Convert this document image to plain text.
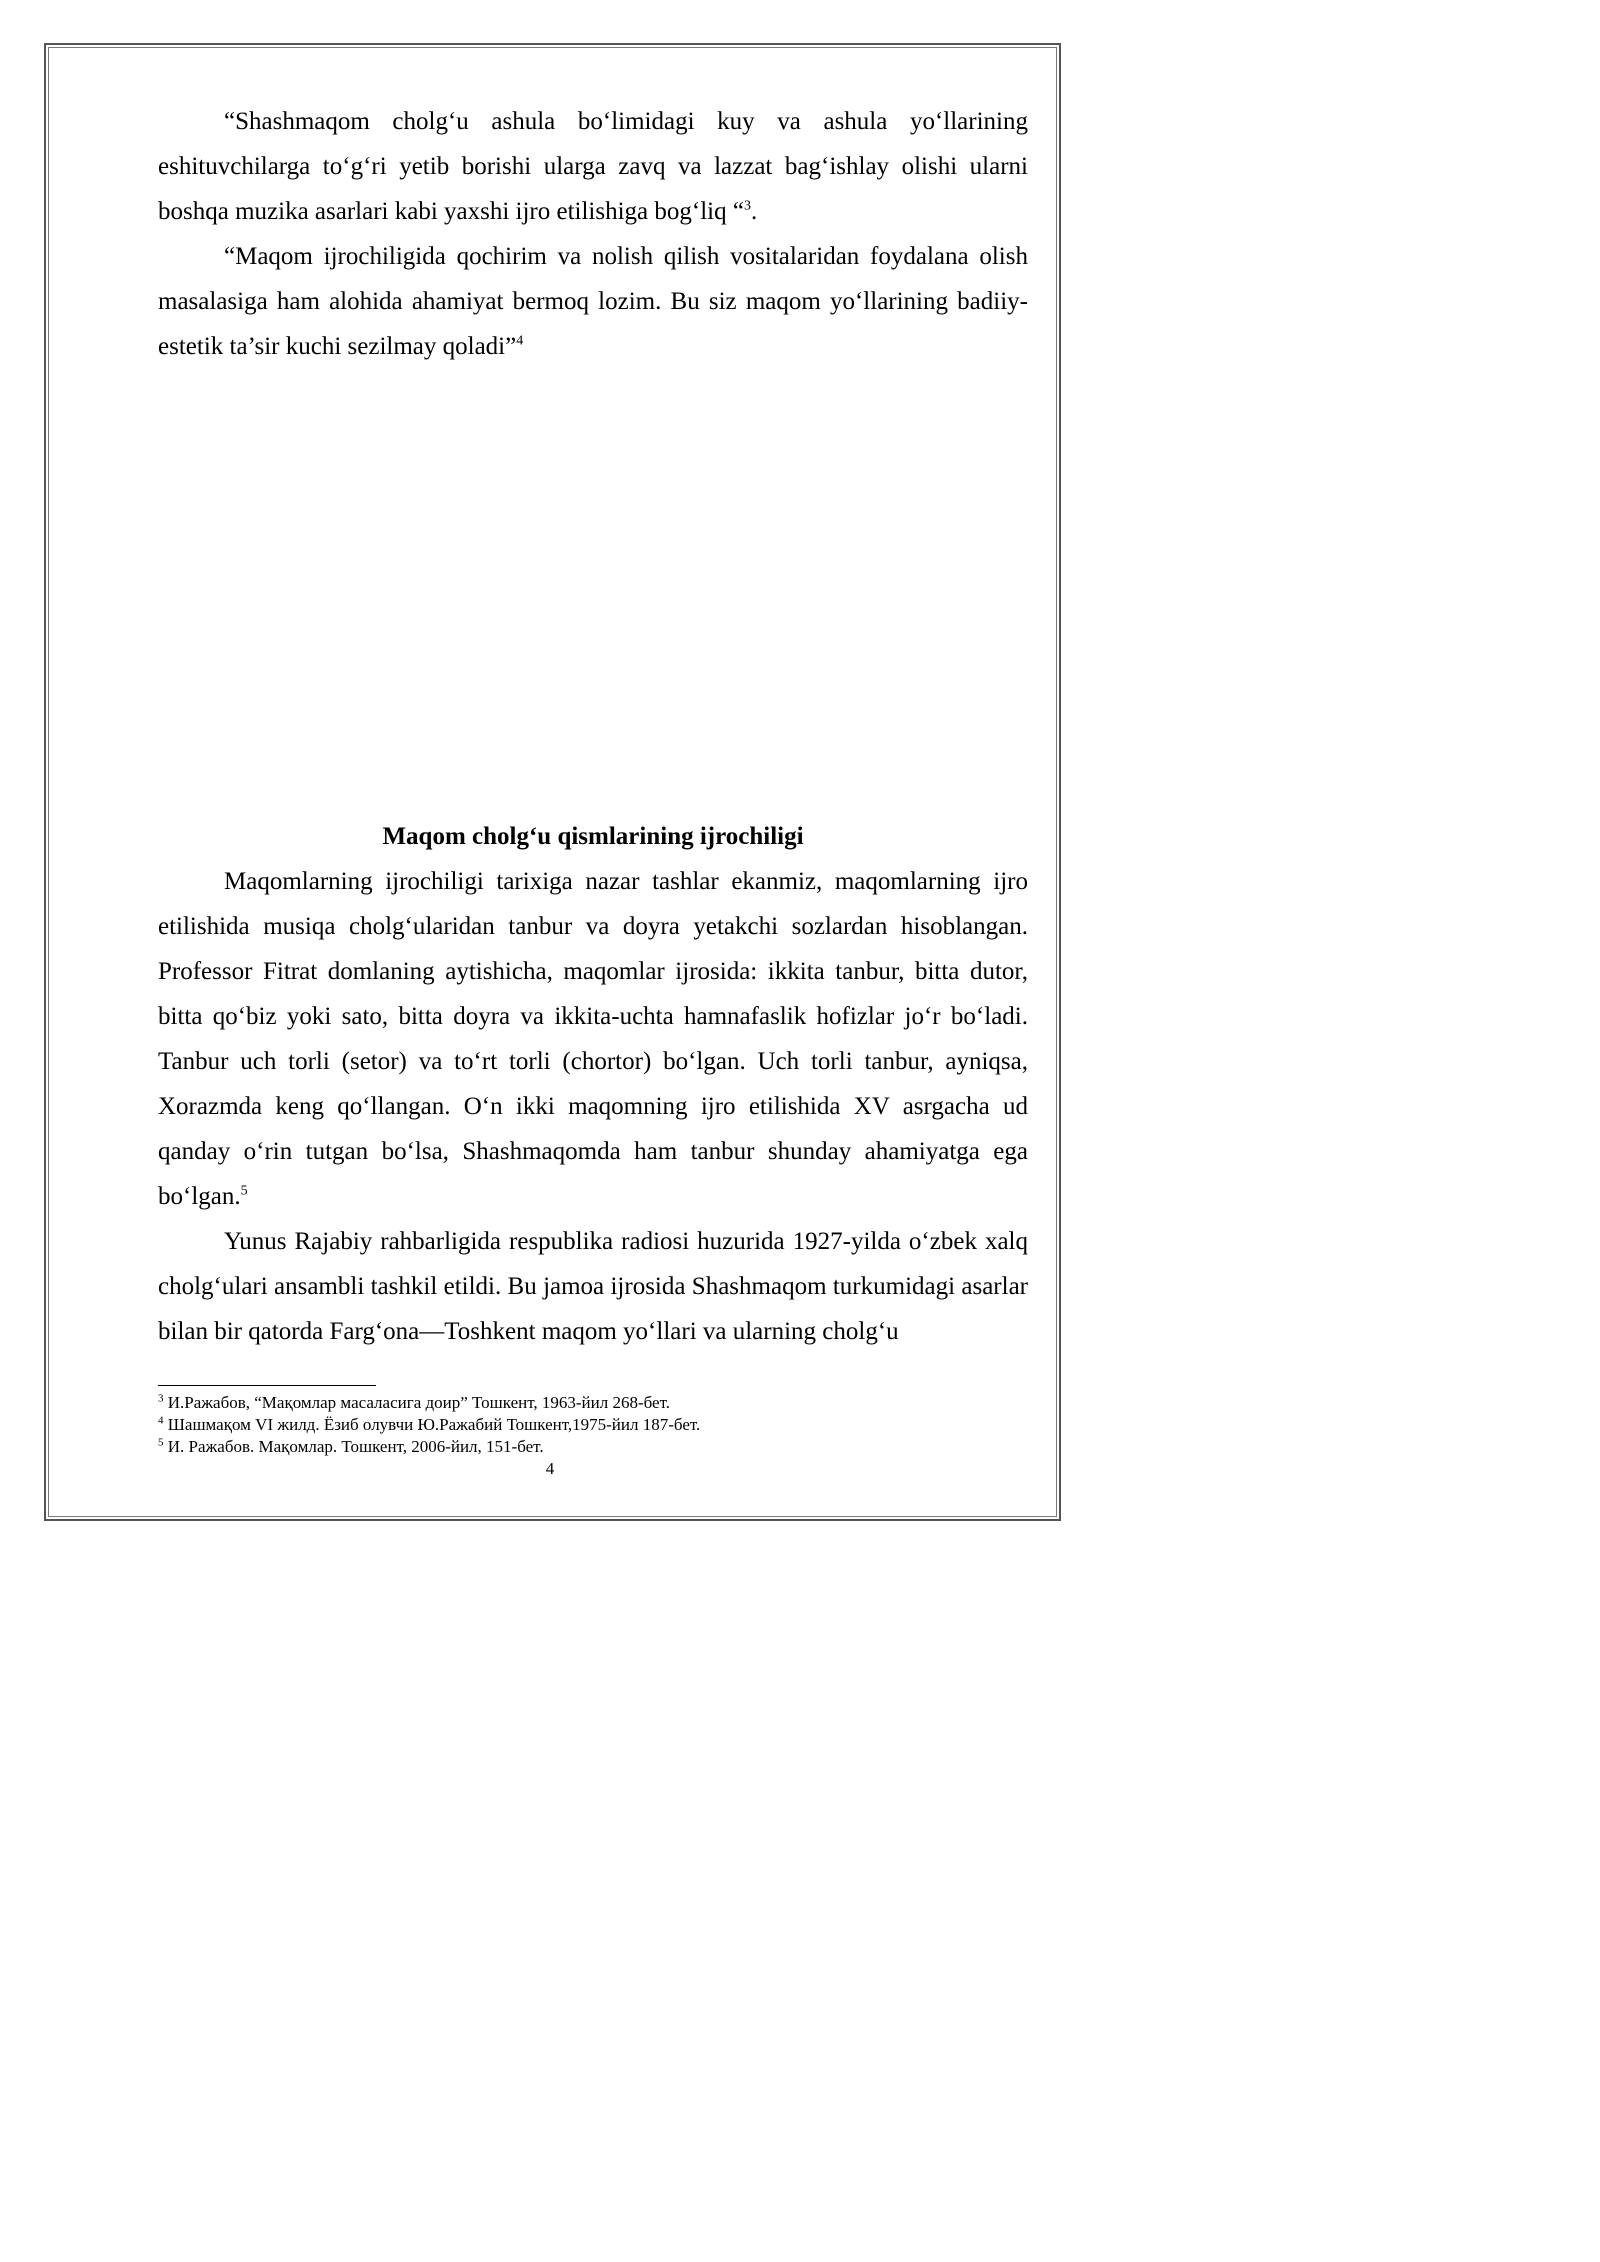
“Shashmaqom cholg‘u ashula bo‘limidagi kuy va ashula yo‘llarining eshituvchilarga to‘g‘ri yetib borishi ularga zavq va lazzat bag‘ishlay olishi ularni boshqa muzika asarlari kabi yaxshi ijro etilishiga bog‘liq “$^3$.

“Maqom ijrochiligida qochirim va nolish qilish vositalaridan foydalana olish masalasiga ham alohida ahamiyat bermoq lozim. Bu siz maqom yo‘llarining badiiy-estetik ta’sir kuchi sezilmay qoladi”$^4$

Maqom cholg‘u qismlarining ijrochiligi

Maqomlarning ijrochiligi tarixiga nazar tashlar ekanmiz, maqomlarning ijro etilishida musiqa cholg‘ularidan tanbur va doyra yetakchi sozlardan hisoblangan. Professor Fitrat domlaning aytishicha, maqomlar ijrosida: ikkita tanbur, bitta dutor, bitta qo‘biz yoki sato, bitta doyra va ikkita-uchta hamnafaslik hofizlar jo‘r bo‘ladi. Tanbur uch torli (setor) va to‘rt torli (chortor) bo‘lgan. Uch torli tanbur, ayniqsa, Xorazmda keng qo‘llangan. O‘n ikki maqomning ijro etilishida XV asrgacha ud qanday o‘rin tutgan bo‘lsa, Shashmaqomda ham tanbur shunday ahamiyatga ega bo‘lgan.$^5$

Yunus Rajabiy rahbarligida respublika radiosi huzurida 1927-yilda o‘zbek xalq cholg‘ulari ansambli tashkil etildi. Bu jamoa ijrosida Shashmaqom turkumidagi asarlar bilan bir qatorda Farg‘ona—Toshkent maqom yo‘llari va ularning cholg‘u

$^3$ И.Ражабов, “Мақомлар масаласига доир” Тошкент, 1963-йил 268-бет.
$^4$ Шашмақом VI жилд. Ёзиб олувчи Ю.Ражабий Тошкент,1975-йил 187-бет.
$^5$ И. Ражабов. Мақомлар. Тошкент, 2006-йил, 151-бет.
4
